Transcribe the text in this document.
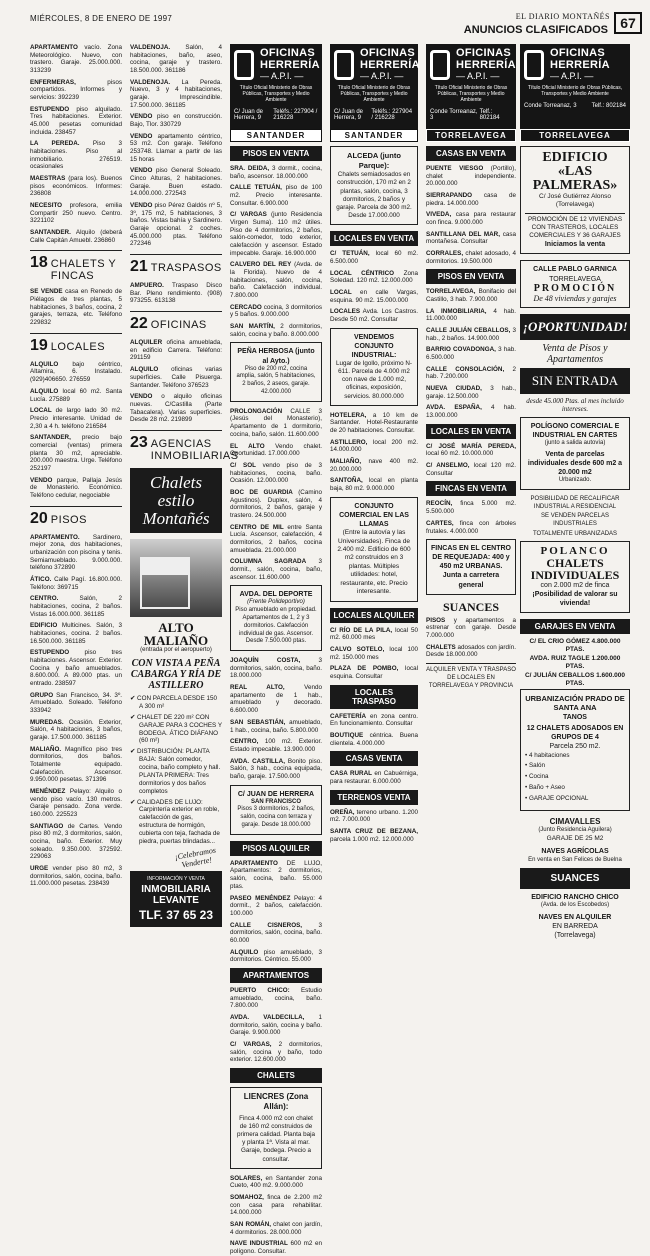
MIÉRCOLES, 8 DE ENERO DE 1997	EL DIARIO MONTAÑÉS
ANUNCIOS CLASIFICADOS 67

APARTAMENTO vacío. Zona Meteorológico. Nuevo, con trastero. Garaje. 25.000.000. 313239

ENFERMERAS, pisos compartidos. Informes y servicios: 392239

ESTUPENDO piso alquilado. Tres habitaciones. Exterior. 45.000 pesetas comunidad incluida. 238457

LA PEREDA. Piso 3 habitaciones. Piso al inmobiliario. 276519. ocasionales

MAESTRAS (para los). Buenos pisos económicos. Informes: 236808

NECESITO profesora, emilia Compartir 250 nuevo. Centro. 3221102

SANTANDER. Alquilo (deberá Calle Capitán Amuebl. 236860

18 CHALETS Y FINCAS

SE VENDE casa en Renedo de Piélagos de tres plantas, 5 habitaciones, 3 baños, cocina, 2 garajes, terraza, etc. Teléfono 229832

19 LOCALES

ALQUILO bajo céntrico, Altamira, 6. Instalado. (929)406650. 276559

ALQUILO local 60 m2. Santa Lucía. 275889

LOCAL de largo lado 30 m2. Precio interesante. Unidad de 2,30 a 4 h. teléfono 216584

SANTANDER, precio bajo comercial (ventas) primera planta 30 m2, apreciable. 200.000 maestra. Urge. Teléfono 252197

VENDO parque, Pallaja Jesús de Monasterio. Económico. Teléfono cedular, negociable

20 PISOS

APARTAMENTO. Sardinero, mejor zona, dos habitaciones, urbanización con piscina y tenis. Semiamueblado. 9.000.000. teléfono 372890

ÁTICO. Calle Pagí. 16.800.000. Teléfono: 369715

CENTRO. Salón, 2 habitaciones, cocina, 2 baños. Vistas 16.000.000. 361185

EDIFICIO Multicines. Salón, 3 habitaciones, cocina. 2 baños. 16.500.000. 361185

ESTUPENDO piso tres habitaciones. Ascensor. Exterior. Cocina y baño amueblados. 8.600.000. A 89.000 ptas. un entrado. 238597

GRUPO San Francisco, 34. 3º. Amueblado. Soleado. Teléfono 333942

MUREDAS. Ocasión. Exterior, Salón, 4 habitaciones, 3 baños, garaje. 17.500.000. 361185

MALIAÑO. Magnífico piso tres dormitorios, dos baños. Totalmente equipado. Calefacción. Ascensor. 9.950.000 pesetas. 371396

MENÉNDEZ Pelayo: Alquilo o vendo piso vacío. 130 metros. Garaje pensado. Zona verde. 160.000. 225523

SANTIAGO de Cartes. Vendo piso 80 m2, 3 dormitorios, salón, cocina, baño. Exterior. Muy soleado. 9.350.000. 372592. 229063

URGE vender piso 80 m2, 3 dormitorios, salón, cocina, baño. 11.000.000 pesetas. 238439

VALDENOJA. Salón, 4 habitaciones, baño, aseo, cocina, garaje y trastero. 18.500.000. 361186

VALDENOJA. La Pereda. Nuevo, 3 y 4 habitaciones, garaje. Imprescindible. 17.500.000. 361185

VENDO piso en construcción. Bajo, Tlor. 330729

VENDO apartamento céntrico, 53 m2. Con garaje. Teléfono 253748. Llamar a partir de las 15 horas

VENDO piso General Soleado. Cinco Alturas, 2 habitaciones. Garaje. Buen estado. 14.000.000. 272543

VENDO piso Pérez Galdós nº 5, 3º, 175 m2, 5 habitaciones, 3 baños. Vistas bahía y Sardinero. Garaje opcional. 2 coches. 45.000.000 ptas. Teléfono 272346

21 TRASPASOS

AMPUERO. Traspaso Disco Bar. Pleno rendimiento. (908) 973255. 613138

22 OFICINAS

ALQUILER oficina amueblada, en edificio Carrera. Teléfono: 291159

ALQUILO oficinas varias superficies. Calle Pisuerga. Santander. Teléfono 376523

VENDO o alquilo oficinas nuevas. C/Castilla (Parte Tabacalera). Varias superficies. Desde 28 m2. 219899

23 AGENCIAS INMOBILIARIAS
Chalets estilo Montañés
ALTO MALIAÑO
(entrada por el aeropuerto)
CON VISTA A PEÑA CABARGA Y RÍA DE ASTILLERO
✔ CON PARCELA DESDE 150 A 300 m²
✔ CHALET DE 220 m² CON GARAJE PARA 3 COCHES Y BODEGA. ÁTICO DIÁFANO (60 m²)
✔ DISTRIBUCIÓN: PLANTA BAJA: Salón comedor, cocina, baño completo y hall. PLANTA PRIMERA: Tres dormitorios y dos baños completos
✔ CALIDADES DE LUJO: Carpintería exterior en roble, calefacción de gas, estructura de hormigón, cubierta con teja, fachada de piedra, puertas blindadas...
¡Celebramos Venderte!
INFORMACIÓN Y VENTA
INMOBILIARIA LEVANTE
TLF. 37 65 23
OFICINAS
HERRERÍA
— A.P.I. —
Título Oficial Ministerio de Obras Públicas, Transportes y Medio Ambiente
C/ Juan de Herrera, 9
Teléfs.: 227904 / 216228
SANTANDER
PISOS EN VENTA

SRA. DEIDA, 3 dormit., cocina, baño, ascensor. 18.000.000

CALLE TETUÁN, piso de 100 m2. Precio interesante. Consultar. 6.900.000

C/ VARGAS (junto Residencia Virgen Suma). 110 m2 útiles. Piso de 4 dormitorios, 2 baños, salón-comedor, todo exterior, calefacción y ascensor. Estado impecable. Garaje. 16.900.000

CALVERO DEL REY (Avda. de la Florida). Nuevo de 4 habitaciones, salón, cocina, baño. Calefacción individual. 7.800.000

CERCADO cocina, 3 dormitorios y 5 baños. 9.000.000

SAN MARTÍN, 2 dormitorios, salón, cocina y baño. 8.000.000

PEÑA HERBOSA (junto al Ayto.)
Piso de 200 m2, cocina amplia, salón, 5 habitaciones, 2 baños, 2 aseos, garaje. 42.000.000

PROLONGACIÓN CALLE 3 (Jesús del Monasterio), Apartamento de 1 dormitorio, cocina, baño, salón. 11.600.000

EL ALTO Vendo chalet. Oportunidad. 17.000.000

C/ SOL vendo piso de 3 habitaciones, cocina, baño. Ocasión. 12.000.000

BOC DE GUARDIA (Camino Agustinos). Duplex, salón, 4 dormitorios, 2 baños, garaje y trastero. 24.500.000

CENTRO DE MIL entre Santa Lucía. Ascensor, calefacción, 4 dormitorios, 2 baños, cocina amueblada. 21.000.000

COLUMNA SAGRADA 3 dormit., salón, cocina, baño, ascensor. 11.600.000

AVDA. DEL DEPORTE
(Frente Polideportivo)
Piso amueblado en propiedad. Apartamentos de 1, 2 y 3 dormitorios. Calefacción individual de gas. Ascensor. Desde 7.500.000 ptas.

JOAQUÍN COSTA, 3 dormitorios, salón, cocina, baño. 18.000.000

REAL ALTO, Vendo apartamento de 1 hab., amueblado y decorado. 6.600.000

SAN SEBASTIÁN, amueblado, 1 hab., cocina, baño. 5.800.000

CENTRO, 100 m2. Exterior. Estado impecable. 13.900.000

AVDA. CASTILLA, Bonito piso. Salón, 3 hab., cocina equipada, baño, garaje. 17.500.000

C/ JUAN DE HERRERA
SAN FRANCISCO
Pisos 3 dormitorios, 2 baños, salón, cocina con terraza y garaje. Desde 18.000.000
PISOS ALQUILER

APARTAMENTO DE LUJO, Apartamentos: 2 dormitorios, salón, cocina, baño. 55.000 ptas.

PASEO MENÉNDEZ Pelayo: 4 dormit., 2 baños, calefacción. 100.000

CALLE CISNEROS, 3 dormitorios, salón, cocina, baño. 60.000

ALQUILO piso amueblado, 3 dormitorios. Céntrico. 55.000

APARTAMENTOS

PUERTO CHICO: Estudio amueblado, cocina, baño. 7.800.000

AVDA. VALDECILLA, 1 dormitorio, salón, cocina y baño. Garaje. 9.900.000

C/ VARGAS, 2 dormitorios, salón, cocina y baño, todo exterior. 12.600.000

CHALETS
LIENCRES (Zona Allán):
Finca 4.000 m2 con chalet de 160 m2 construidos de primera calidad. Planta baja y planta 1ª. Vista al mar. Garaje, bodega. Precio a consultar.

SOLARES, en Santander zona Cueto, 400 m2. 9.000.000

SOMAHOZ, finca de 2.200 m2 con casa para rehabilitar. 14.000.000

SAN ROMÁN, chalet con jardín, 4 dormitorios. 28.000.000

NAVE INDUSTRIAL 600 m2 en polígono. Consultar.

OFICINAS
HERRERÍA
— A.P.I. —
Título Oficial Ministerio de Obras Públicas, Transportes y Medio Ambiente
C/ Juan de Herrera, 9
Teléfs.: 227904 / 216228
SANTANDER
ALCEDA (junto Parque):
Chalets semiadosados en construcción, 170 m2 en 2 plantas, salón, cocina, 3 dormitorios, 2 baños y garaje. Parcela de 300 m2. Desde 17.000.000
LOCALES EN VENTA

C/ TETUÁN, local 60 m2. 6.500.000

LOCAL CÉNTRICO Zona Soledad. 120 m2. 12.000.000

LOCAL en calle Vargas, esquina. 90 m2. 15.000.000

LOCALES Avda. Los Castros. Desde 50 m2. Consultar

VENDEMOS CONJUNTO INDUSTRIAL:
Lugar de Igollo, próximo N-611. Parcela de 4.000 m2 con nave de 1.000 m2, oficinas, exposición, servicios. 80.000.000

HOTELERA, a 10 km de Santander. Hotel-Restaurante de 20 habitaciones. Consultar.

ASTILLERO, local 200 m2. 14.000.000

MALIAÑO, nave 400 m2. 20.000.000

SANTOÑA, local en planta baja, 80 m2. 9.000.000

CONJUNTO COMERCIAL EN LAS LLAMAS
(Entre la autovía y las Universidades). Finca de 2.400 m2. Edificio de 600 m2 construidos en 3 plantas. Múltiples utilidades: hotel, restaurante, etc. Precio interesante.
LOCALES ALQUILER

C/ RÍO DE LA PILA, local 50 m2. 60.000 mes

CALVO SOTELO, local 100 m2. 150.000 mes

PLAZA DE POMBO, local esquina. Consultar

LOCALES TRASPASO

CAFETERÍA en zona centro. En funcionamiento. Consultar

BOUTIQUE céntrica. Buena clientela. 4.000.000

CASAS VENTA

CASA RURAL en Cabuérniga, para restaurar. 6.000.000

TERRENOS VENTA

OREÑA, terreno urbano. 1.200 m2. 7.000.000

SANTA CRUZ DE BEZANA, parcela 1.000 m2. 12.000.000

OFICINAS
HERRERÍA
— A.P.I. —
Título Oficial Ministerio de Obras Públicas, Transportes y Medio Ambiente
Conde Torreanaz, 3
Telf.: 802184
TORRELAVEGA
CASAS EN VENTA

PUENTE VIESGO (Portillo), chalet independiente. 20.000.000

SIERRAPANDO casa de piedra. 14.000.000

VIVEDA, casa para restaurar con finca. 9.000.000

SANTILLANA DEL MAR, casa montañesa. Consultar

CORRALES, chalet adosado, 4 dormitorios. 19.500.000

PISOS EN VENTA

TORRELAVEGA, Bonifacio del Castillo, 3 hab. 7.900.000

LA INMOBILIARIA, 4 hab. 11.000.000

CALLE JULIÁN CEBALLOS, 3 hab., 2 baños. 14.900.000

BARRIO COVADONGA, 3 hab. 6.500.000

CALLE CONSOLACIÓN, 2 hab. 7.200.000

NUEVA CIUDAD, 3 hab., garaje. 12.500.000

AVDA. ESPAÑA, 4 hab. 13.000.000

LOCALES EN VENTA

C/ JOSÉ MARÍA PEREDA, local 60 m2. 10.000.000

C/ ANSELMO, local 120 m2. Consultar

FINCAS EN VENTA

REOCÍN, finca 5.000 m2. 5.500.000

CARTES, finca con árboles frutales. 4.000.000

FINCAS EN EL CENTRO DE REQUEJADA: 400 y 450 m2 URBANAS. Junta a carretera general
SUANCES

PISOS y apartamentos a estrenar con garaje. Desde 7.000.000

CHALETS adosados con jardín. Desde 18.000.000

ALQUILER VENTA Y TRASPASO DE LOCALES EN TORRELAVEGA Y PROVINCIA
OFICINAS
HERRERÍA
— A.P.I. —
Título Oficial Ministerio de Obras Públicas, Transportes y Medio Ambiente
Conde Torreanaz, 3	Telf.: 802184
TORRELAVEGA
EDIFICIO
«LAS PALMERAS»
C/ José Gutiérrez Alonso (Torrelavega)
PROMOCIÓN DE 12 VIVIENDAS CON TRASTEROS, LOCALES COMERCIALES Y 36 GARAJES
Iniciamos la venta
CALLE PABLO GARNICA
TORRELAVEGA
PROMOCIÓN
De 48 viviendas y garajes
¡OPORTUNIDAD!
Venta de Pisos y Apartamentos
SIN ENTRADA
desde 45.000 Ptas. al mes incluido intereses.
POLÍGONO COMERCIAL E INDUSTRIAL EN CARTES
(junto a salida autovía)
Venta de parcelas individuales desde 600 m2 a 20.000 m2
Urbanizado.
POSIBILIDAD DE RECALIFICAR INDUSTRIAL A RESIDENCIAL
SE VENDEN PARCELAS INDUSTRIALES
TOTALMENTE URBANIZADAS
POLANCO
CHALETS INDIVIDUALES
con 2.000 m2 de finca
¡Posibilidad de valorar su vivienda!
GARAJES EN VENTA
C/ EL CRIO GÓMEZ 4.800.000 PTAS.
AVDA. RUIZ TAGLE 1.200.000 PTAS.
C/ JULIÁN CEBALLOS 1.600.000 PTAS.
URBANIZACIÓN PRADO DE SANTA ANA
TANOS
12 CHALETS ADOSADOS EN GRUPOS DE 4
Parcela 250 m2.
• 4 habitaciones
• Salón
• Cocina
• Baño + Aseo
• GARAJE OPCIONAL
CIMAVALLES
(Junto Residencia Aguilera)
GARAJE DE 25 M2
NAVES AGRÍCOLAS
En venta en San Felices de Buelna
SUANCES
EDIFICIO RANCHO CHICO
(Avda. de los Escobedos)
NAVES EN ALQUILER
EN BARREDA
(Torrelavega)
